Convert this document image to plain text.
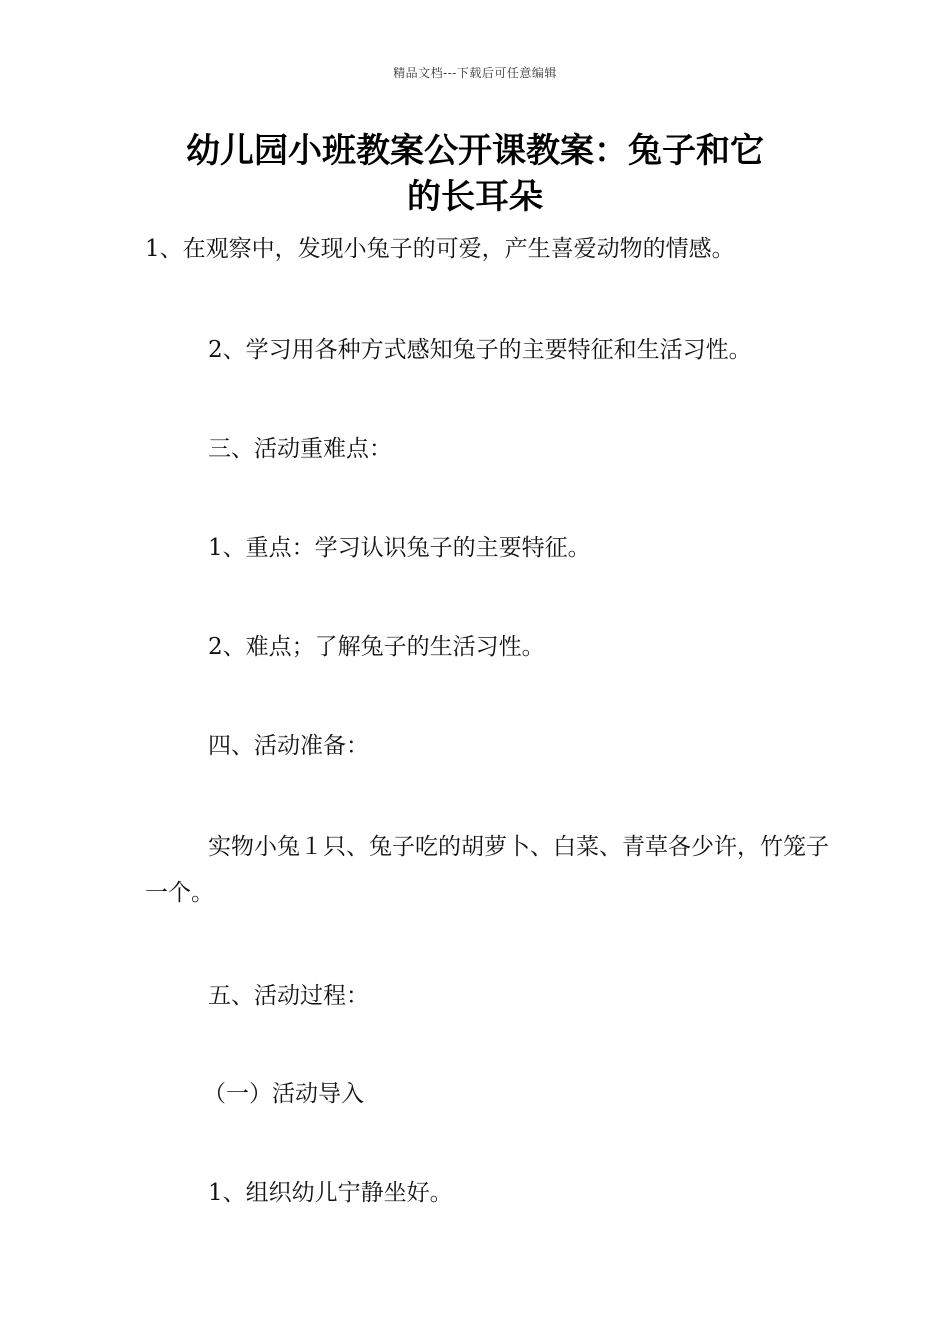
精品文档---下载后可任意编辑
幼儿园小班教案公开课教案：兔子和它
的长耳朵

1、在观察中，发现小兔子的可爱，产生喜爱动物的情感。

2、学习用各种方式感知兔子的主要特征和生活习性。

三、活动重难点：

1、重点：学习认识兔子的主要特征。

2、难点；了解兔子的生活习性。

四、活动准备：

实物小兔１只、兔子吃的胡萝卜、白菜、青草各少许，竹笼子一个。

五、活动过程：

（一）活动导入

1、组织幼儿宁静坐好。
